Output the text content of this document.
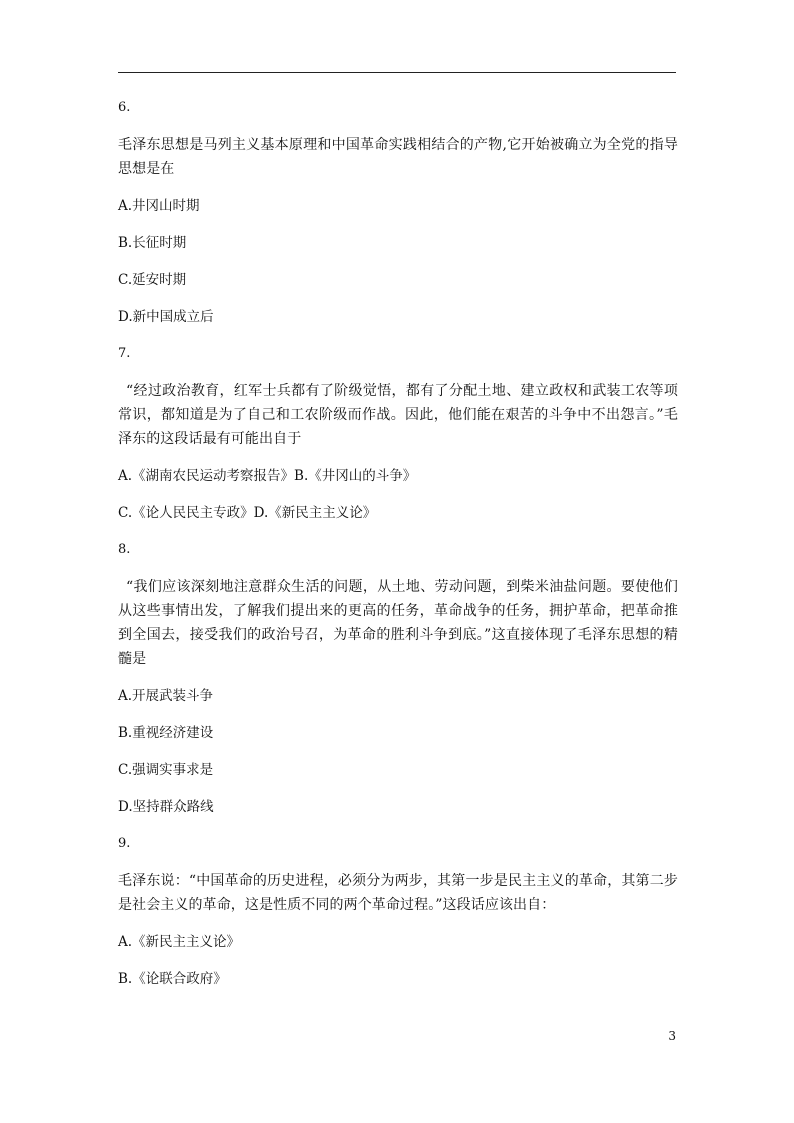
6.
毛泽东思想是马列主义基本原理和中国革命实践相结合的产物,它开始被确立为全党的指导思想是在
A.井冈山时期
B.长征时期
C.延安时期
D.新中国成立后
7.
“经过政治教育，红军士兵都有了阶级觉悟，都有了分配土地、建立政权和武装工农等项常识，都知道是为了自己和工农阶级而作战。因此，他们能在艰苦的斗争中不出怨言。”毛泽东的这段话最有可能出自于
A.《湖南农民运动考察报告》B.《井冈山的斗争》
C.《论人民民主专政》D.《新民主主义论》
8.
“我们应该深刻地注意群众生活的问题，从土地、劳动问题，到柴米油盐问题。要使他们从这些事情出发，了解我们提出来的更高的任务，革命战争的任务，拥护革命，把革命推到全国去，接受我们的政治号召，为革命的胜利斗争到底。”这直接体现了毛泽东思想的精髓是
A.开展武装斗争
B.重视经济建设
C.强调实事求是
D.坚持群众路线
9.
毛泽东说：“中国革命的历史进程，必须分为两步，其第一步是民主主义的革命，其第二步是社会主义的革命，这是性质不同的两个革命过程。”这段话应该出自：
A.《新民主主义论》
B.《论联合政府》
3
